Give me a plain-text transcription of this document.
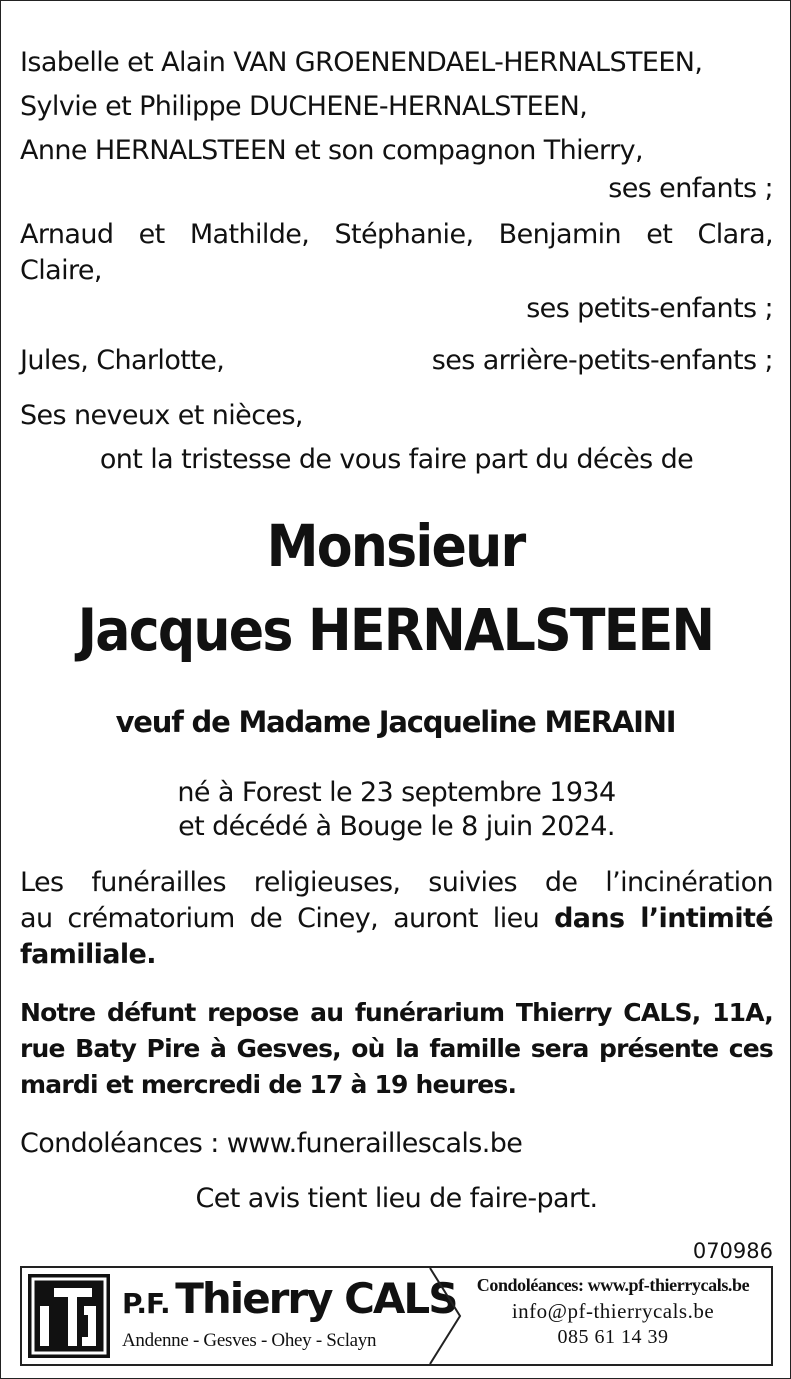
Isabelle et Alain VAN GROENENDAEL-HERNALSTEEN,
Sylvie et Philippe DUCHENE-HERNALSTEEN,
Anne HERNALSTEEN et son compagnon Thierry,
ses enfants ;
Arnaud et Mathilde, Stéphanie, Benjamin et Clara,
Claire,
ses petits-enfants ;
Jules, Charlotte,	ses arrière-petits-enfants ;
Ses neveux et nièces,
ont la tristesse de vous faire part du décès de
Monsieur
Jacques HERNALSTEEN
veuf de Madame Jacqueline MERAINI
né à Forest le 23 septembre 1934
et décédé à Bouge le 8 juin 2024.
Les funérailles religieuses, suivies de l’incinération
au crématorium de Ciney, auront lieu dans l’intimité
familiale.
Notre défunt repose au funérarium Thierry CALS, 11A,
rue Baty Pire à Gesves, où la famille sera présente ces
mardi et mercredi de 17 à 19 heures.
Condoléances : www.funeraillescals.be
Cet avis tient lieu de faire-part.
070986
P.F. Thierry CALS
Andenne - Gesves - Ohey - Sclayn
Condoléances: www.pf-thierrycals.be
info@pf-thierrycals.be
085 61 14 39
